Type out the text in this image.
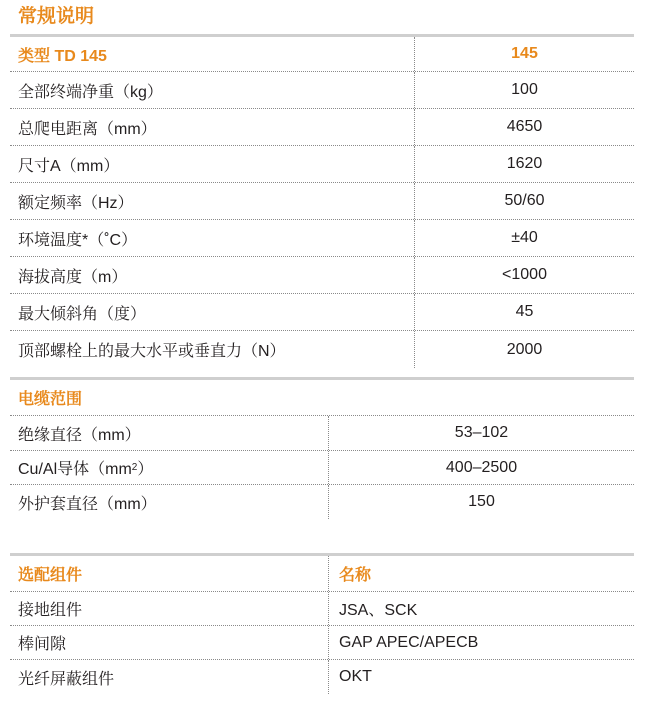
常规说明
类型 TD 145	145
全部终端净重（kg）	100
总爬电距离（mm）	4650
尺寸A（mm）	1620
额定频率（Hz）	50/60
环境温度*（˚C）	±40
海拔高度（m）	<1000
最大倾斜角（度）	45
顶部螺栓上的最大水平或垂直力（N）	2000
电缆范围
绝缘直径（mm）	53–102
Cu/Al导体（mm 2 ）	400–2500
外护套直径（mm）	150
选配组件	名称
接地组件	JSA、SCK
棒间隙	GAP APEC/APECB
光纤屏蔽组件	OKT
